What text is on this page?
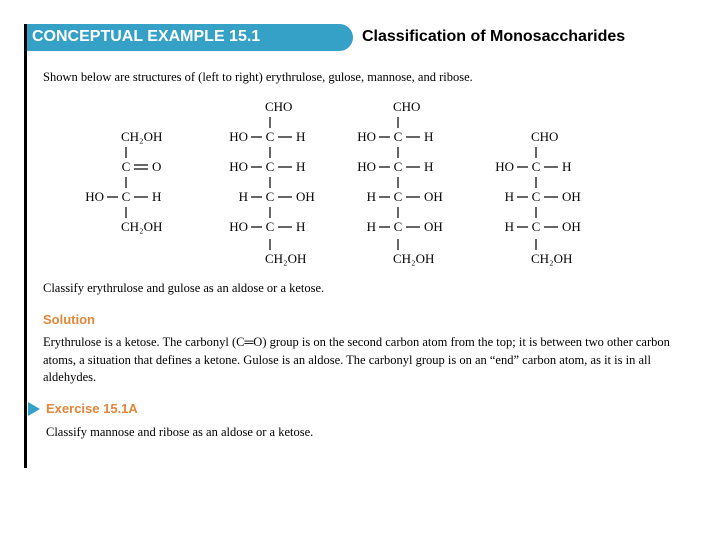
CONCEPTUAL EXAMPLE 15.1	Classification of Monosaccharides
Shown below are structures of (left to right) erythrulose, gulose, mannose, and ribose.
CH₂OH
C O
C
HO	H
CH₂OH
CHO
C
HO	H
C
HO	H
C
H	OH
C
HO	H
CH₂OH
CHO
C
HO	H
C
HO	H
C
H	OH
C
H	OH
CH₂OH
CHO
C
HO	H
C
H	OH
C
H	OH
CH₂OH
Classify erythrulose and gulose as an aldose or a ketose.
Solution
Erythrulose is a ketose. The carbonyl (C═O) group is on the second carbon atom from the top; it is between two other carbon atoms, a situation that defines a ketone. Gulose is an aldose. The carbonyl group is on an “end” carbon atom, as it is in all aldehydes.
Exercise 15.1A
Classify mannose and ribose as an aldose or a ketose.
